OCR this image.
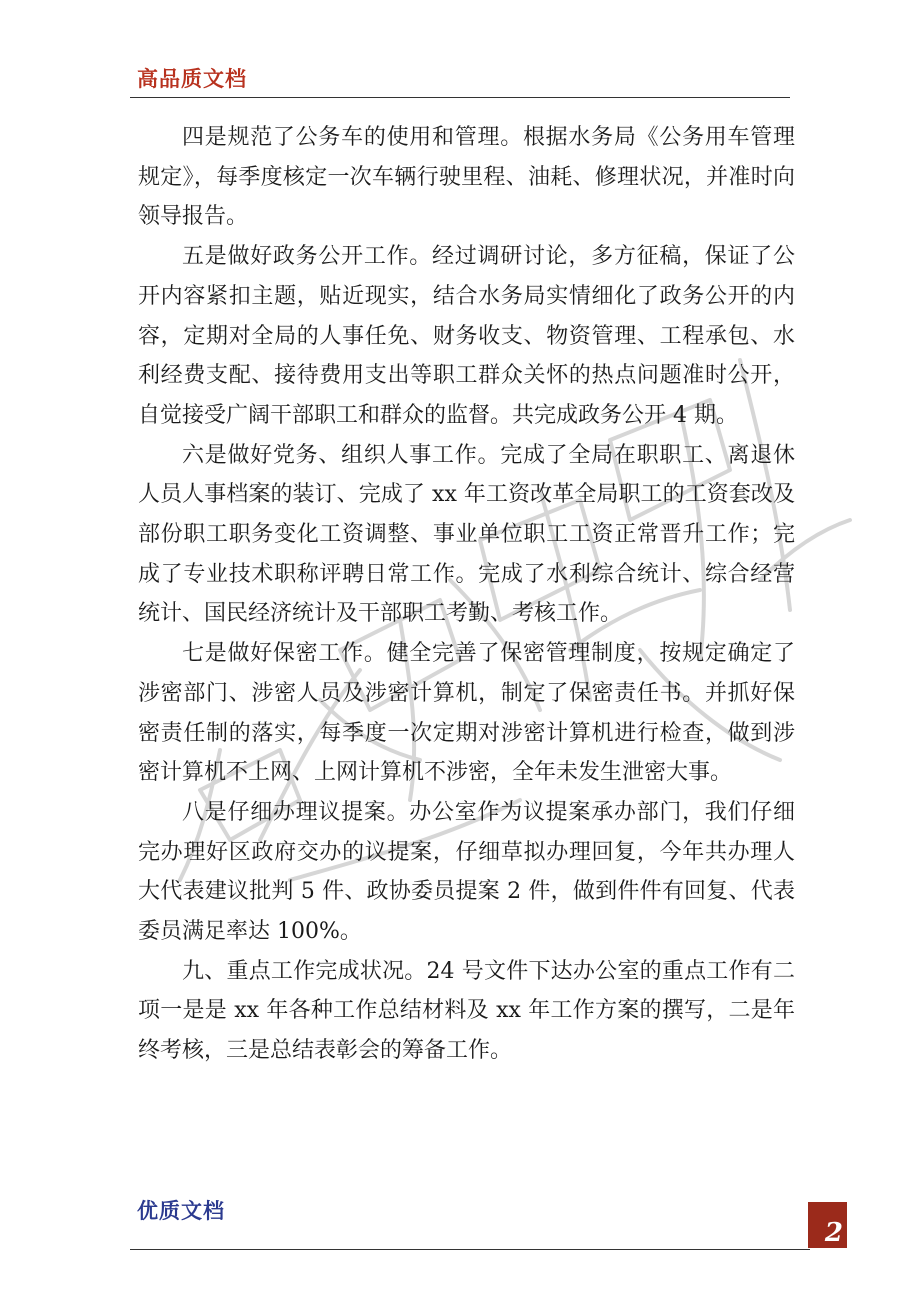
高品质文档

四是规范了公务车的使用和管理。根据水务局《公务用车管理规定》，每季度核定一次车辆行驶里程、油耗、修理状况，并准时向领导报告。

五是做好政务公开工作。经过调研讨论，多方征稿，保证了公开内容紧扣主题，贴近现实，结合水务局实情细化了政务公开的内容，定期对全局的人事任免、财务收支、物资管理、工程承包、水利经费支配、接待费用支出等职工群众关怀的热点问题准时公开，自觉接受广阔干部职工和群众的监督。共完成政务公开 4 期。

六是做好党务、组织人事工作。完成了全局在职职工、离退休人员人事档案的装订、完成了 xx 年工资改革全局职工的工资套改及部份职工职务变化工资调整、事业单位职工工资正常晋升工作；完成了专业技术职称评聘日常工作。完成了水利综合统计、综合经营统计、国民经济统计及干部职工考勤、考核工作。

七是做好保密工作。健全完善了保密管理制度，按规定确定了涉密部门、涉密人员及涉密计算机，制定了保密责任书。并抓好保密责任制的落实，每季度一次定期对涉密计算机进行检查，做到涉密计算机不上网、上网计算机不涉密，全年未发生泄密大事。

八是仔细办理议提案。办公室作为议提案承办部门，我们仔细完办理好区政府交办的议提案，仔细草拟办理回复，今年共办理人大代表建议批判 5 件、政协委员提案 2 件，做到件件有回复、代表委员满足率达 100%。

九、重点工作完成状况。24 号文件下达办公室的重点工作有二项一是是 xx 年各种工作总结材料及 xx 年工作方案的撰写，二是年终考核，三是总结表彰会的筹备工作。

优质文档
2
